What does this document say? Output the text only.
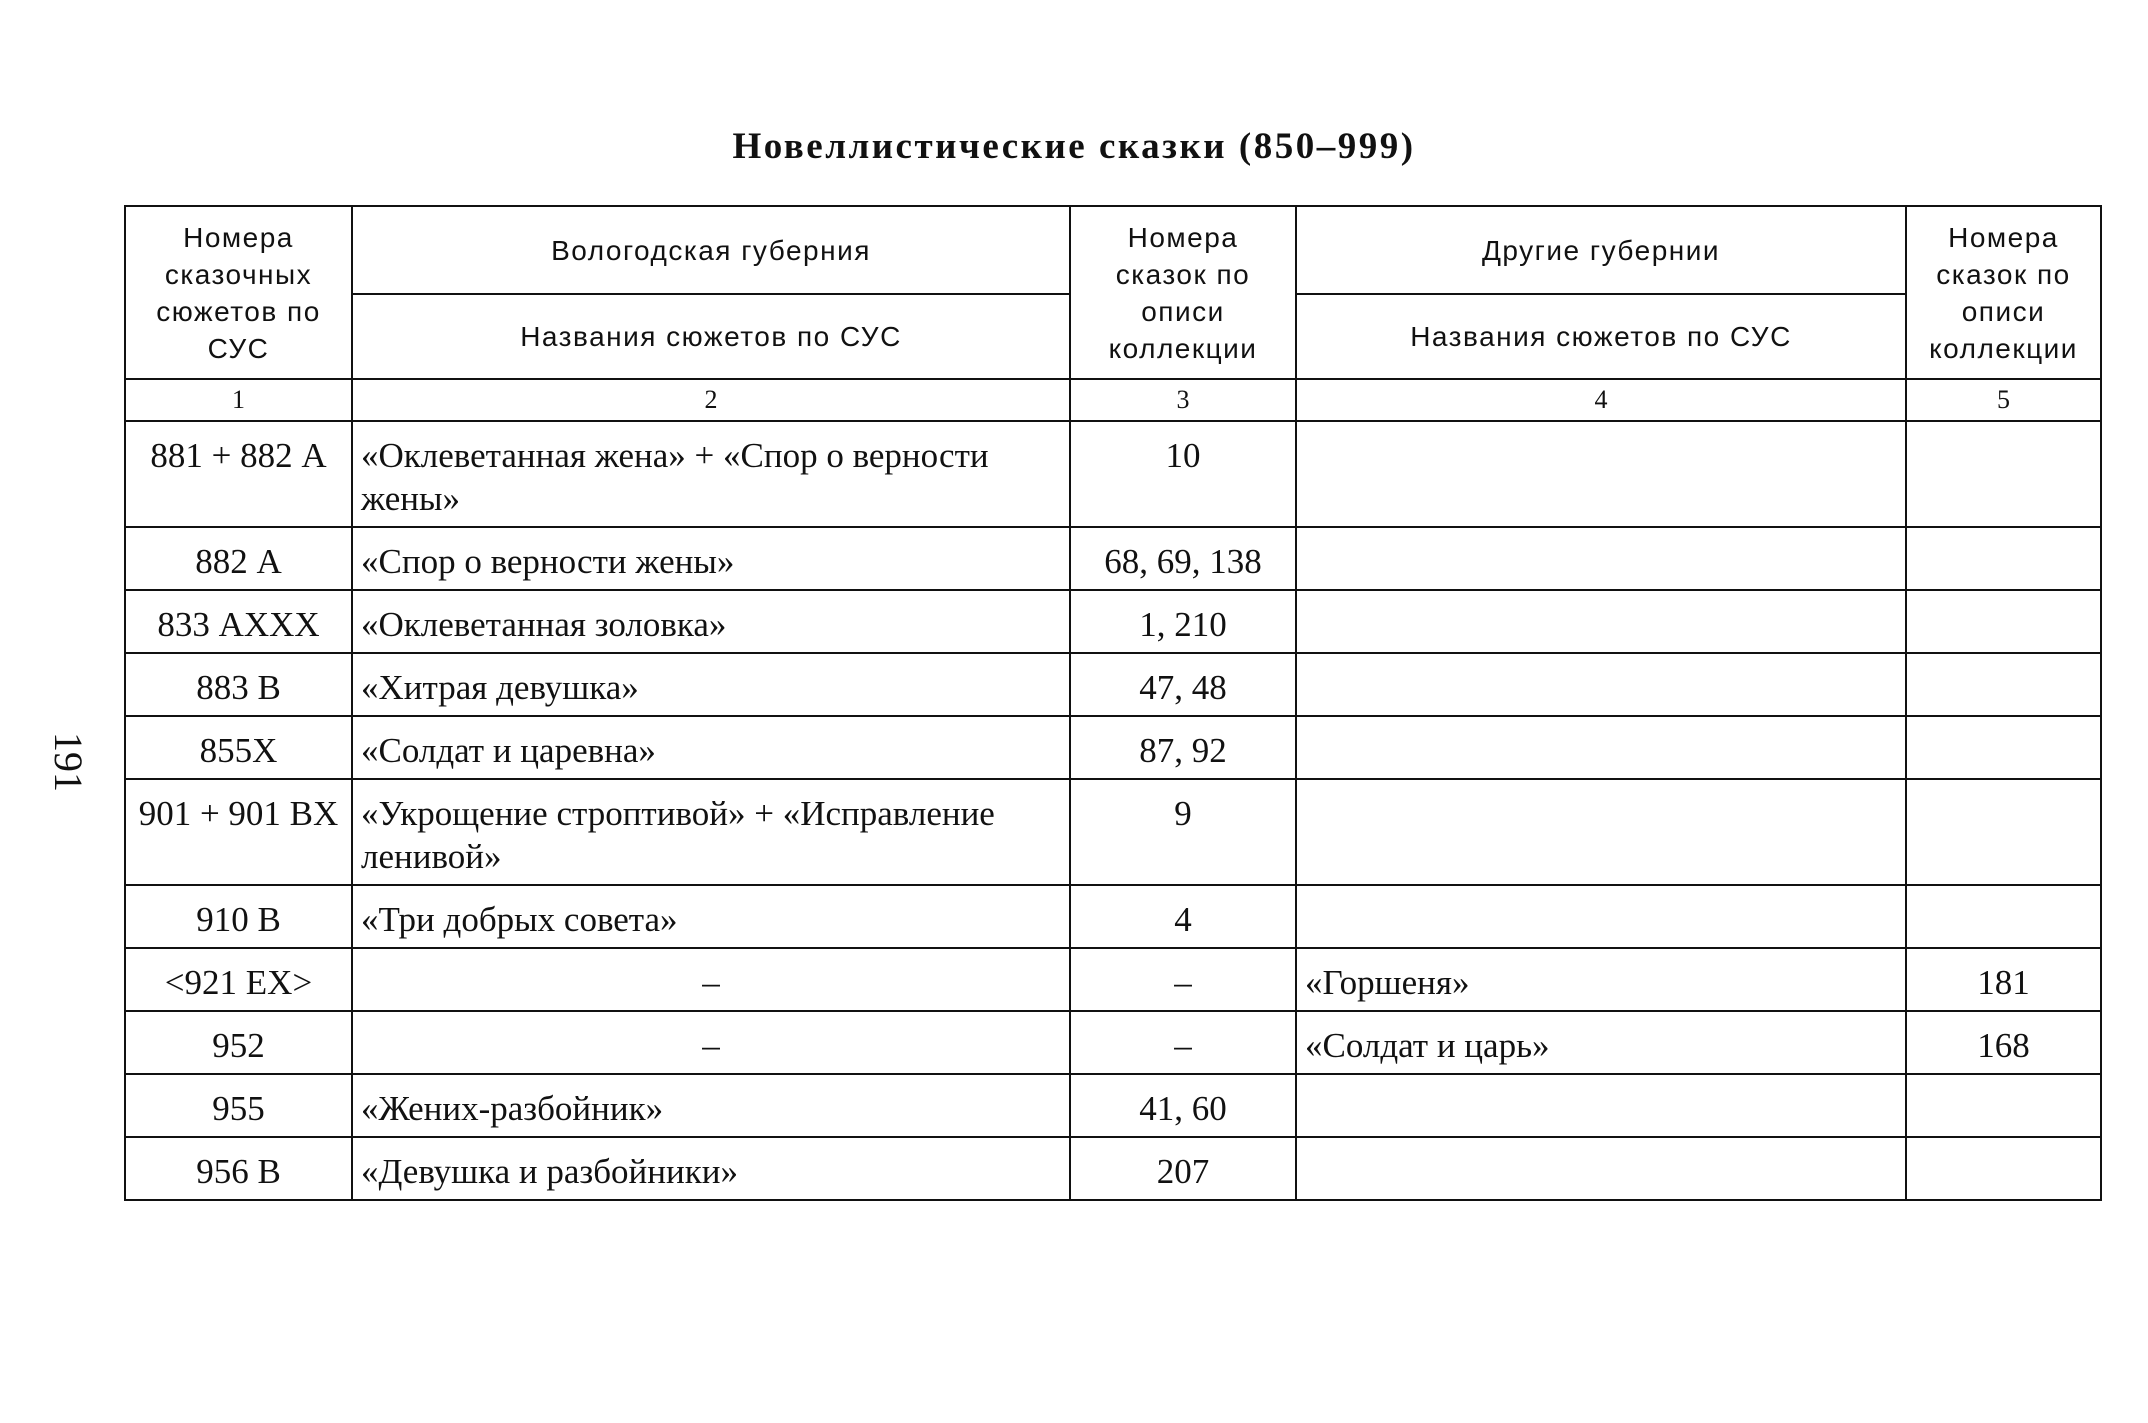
191
Новеллистические сказки (850–999)
Номера сказочных сюжетов по СУС	Вологодская губерния	Номера сказок по описи коллекции	Другие губернии	Номера сказок по описи коллекции
	Названия сюжетов по СУС		Названия сюжетов по СУС	
1	2	3	4	5
881 + 882 А	«Оклеветанная жена» + «Спор о верности жены»	10		
882 А	«Спор о верности жены»	68, 69, 138		
833 АXXX	«Оклеветанная золовка»	1, 210		
883 В	«Хитрая девушка»	47, 48		
855X	«Солдат и царевна»	87, 92		
901 + 901 ВX	«Укрощение строптивой» + «Исправление ленивой»	9		
910 В	«Три добрых совета»	4		
<921 ЕX>	–	–	«Горшеня»	181
952	–	–	«Солдат и царь»	168
955	«Жених-разбойник»	41, 60		
956 В	«Девушка и разбойники»	207		
